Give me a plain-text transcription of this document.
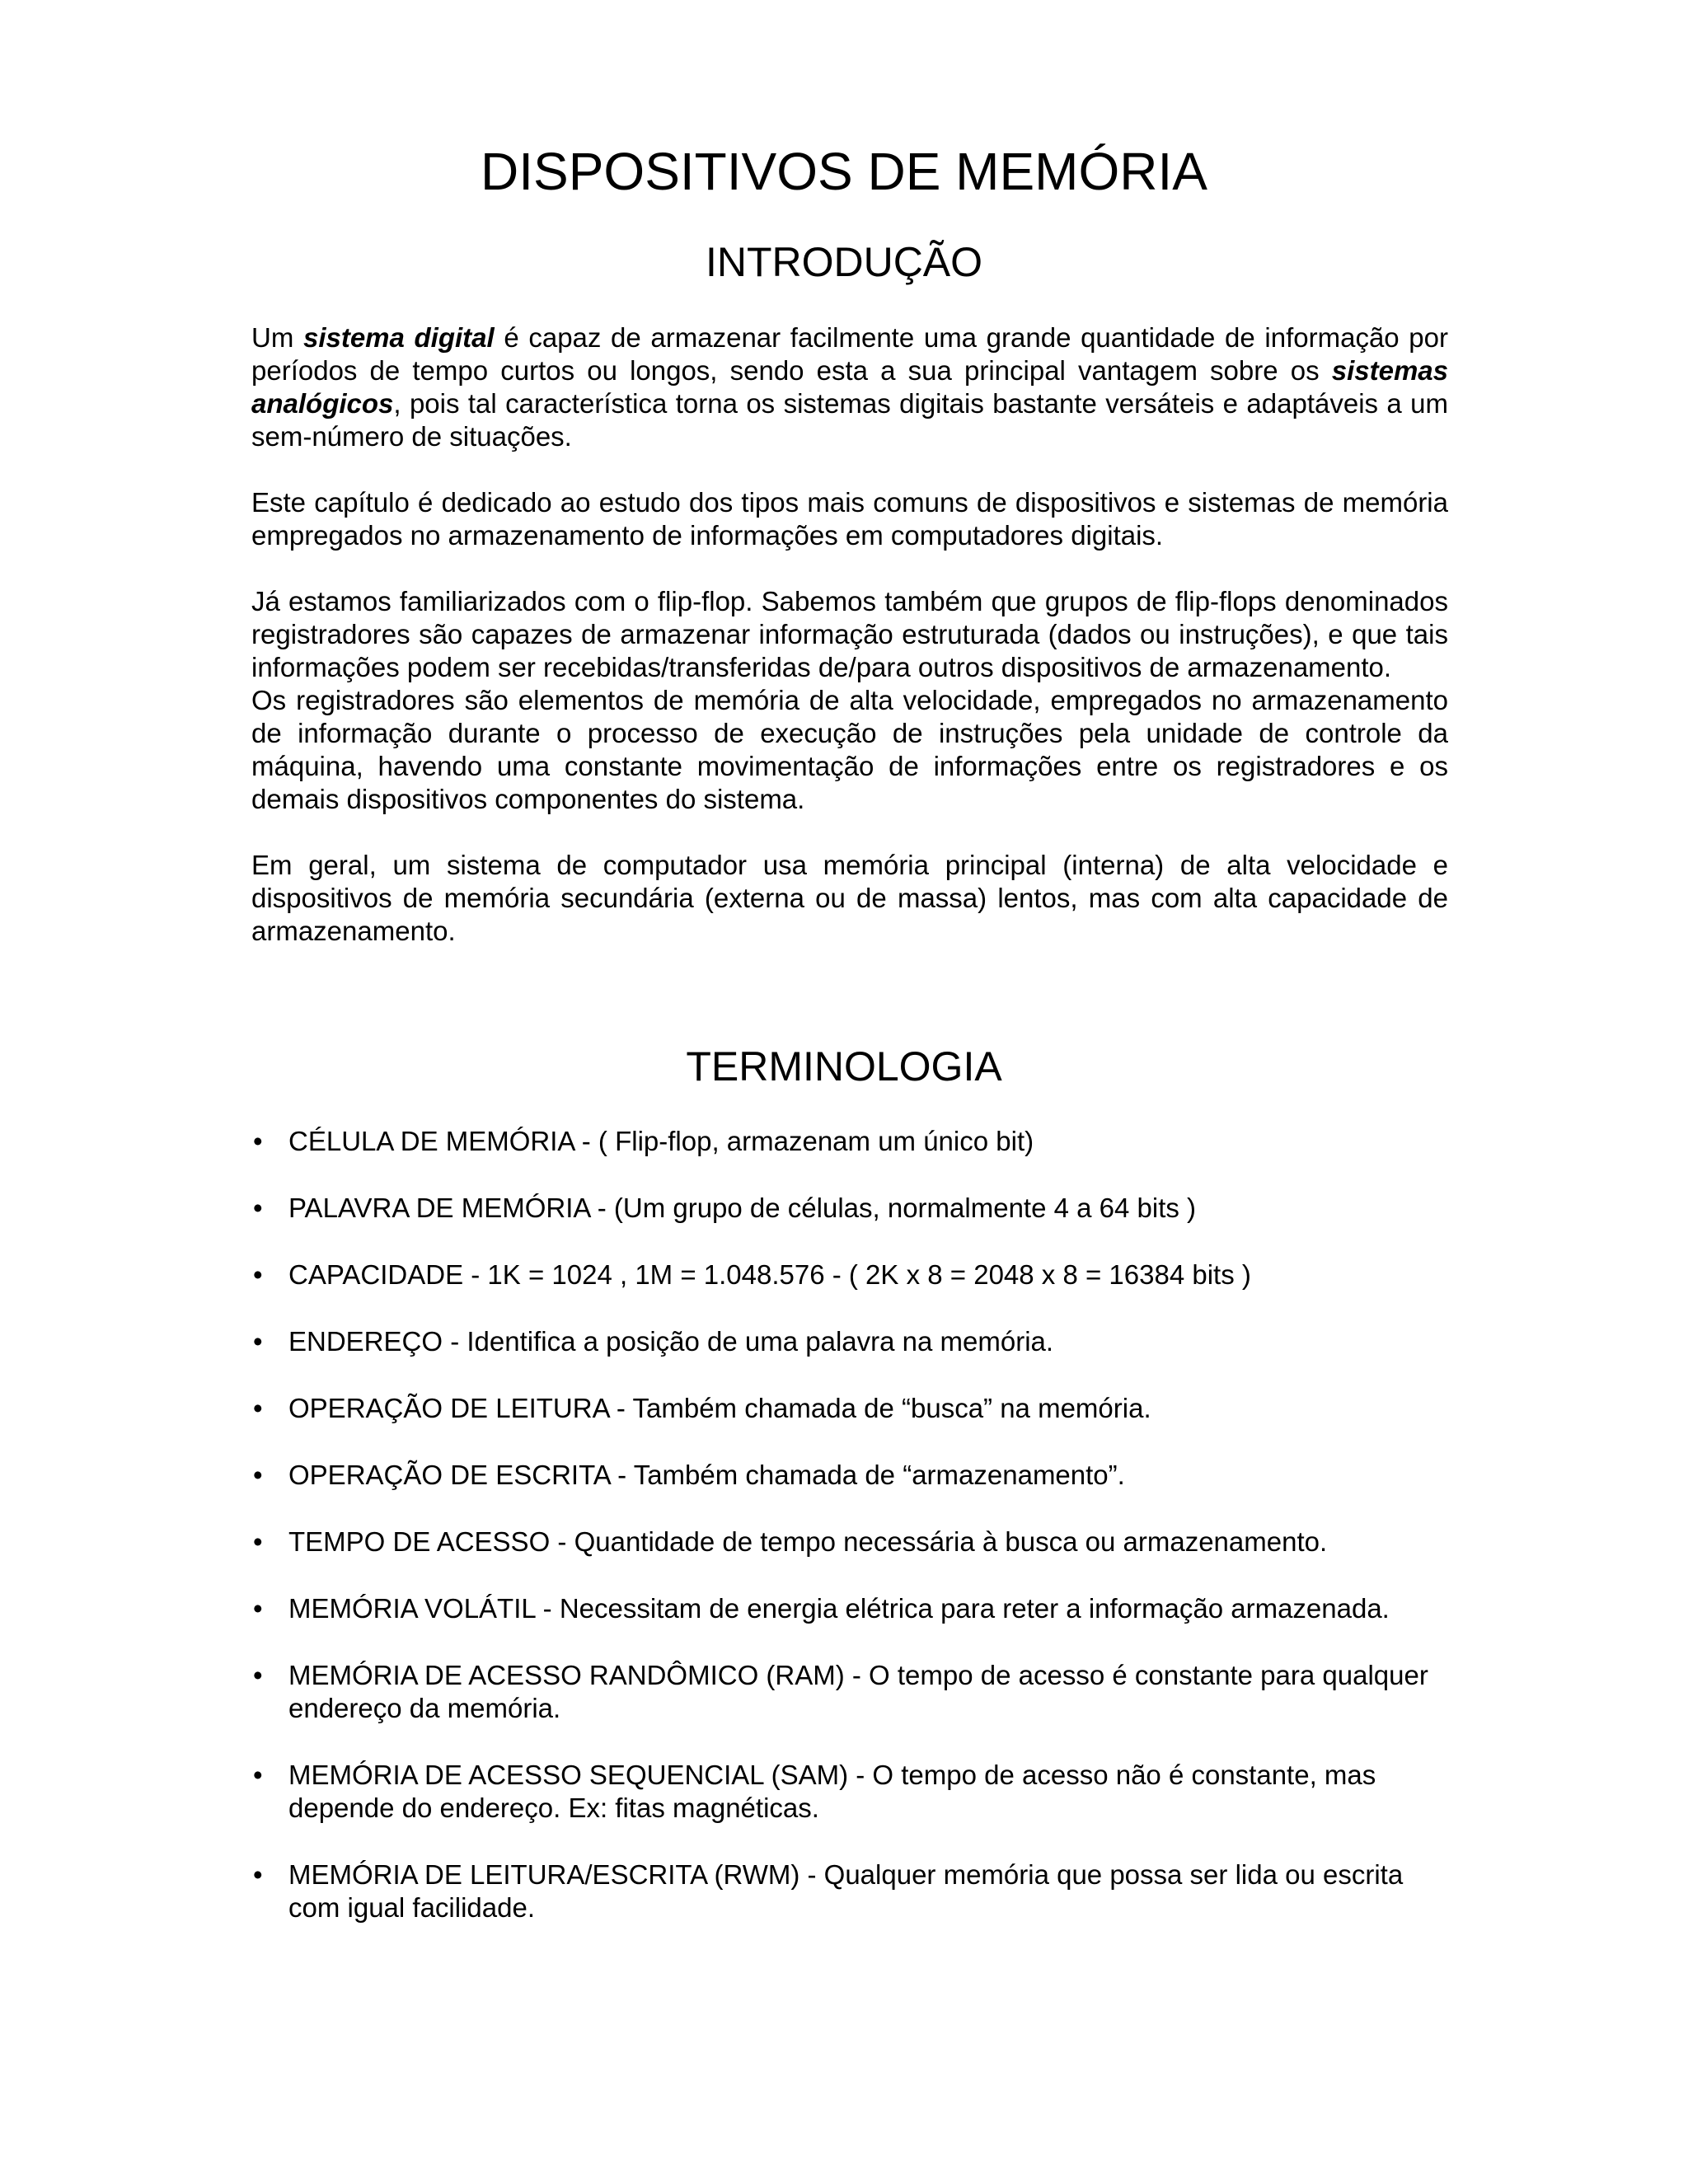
DISPOSITIVOS DE MEMÓRIA
INTRODUÇÃO

Um sistema digital é capaz de armazenar facilmente uma grande quantidade de informação por períodos de tempo curtos ou longos, sendo esta a sua principal vantagem sobre os sistemas analógicos, pois tal característica torna os sistemas digitais bastante versáteis e adaptáveis a um sem-número de situações.

Este capítulo é dedicado ao estudo dos tipos mais comuns de dispositivos e sistemas de memória empregados no armazenamento de informações em computadores digitais.

Já estamos familiarizados com o flip-flop. Sabemos também que grupos de flip-flops denominados registradores são capazes de armazenar informação estruturada (dados ou instruções), e que tais informações podem ser recebidas/transferidas de/para outros dispositivos de armazenamento.

Os registradores são elementos de memória de alta velocidade, empregados no armazenamento de informação durante o processo de execução de instruções pela unidade de controle da máquina, havendo uma constante movimentação de informações entre os registradores e os demais dispositivos componentes do sistema.

Em geral, um sistema de computador usa memória principal (interna) de alta velocidade e dispositivos de memória secundária (externa ou de massa) lentos, mas com alta capacidade de armazenamento.

TERMINOLOGIA
• CÉLULA DE MEMÓRIA - ( Flip-flop, armazenam um único bit)
• PALAVRA DE MEMÓRIA - (Um grupo de células, normalmente 4 a 64 bits )
• CAPACIDADE - 1K = 1024 , 1M = 1.048.576 - ( 2K x 8 = 2048 x 8 = 16384 bits )
• ENDEREÇO - Identifica a posição de uma palavra na memória.
• OPERAÇÃO DE LEITURA - Também chamada de “busca” na memória.
• OPERAÇÃO DE ESCRITA - Também chamada de “armazenamento”.
• TEMPO DE ACESSO - Quantidade de tempo necessária à busca ou armazenamento.
• MEMÓRIA VOLÁTIL - Necessitam de energia elétrica para reter a informação armazenada.
• MEMÓRIA DE ACESSO RANDÔMICO (RAM) - O tempo de acesso é constante para qualquer endereço da memória.
• MEMÓRIA DE ACESSO SEQUENCIAL (SAM) - O tempo de acesso não é constante, mas depende do endereço. Ex: fitas magnéticas.
• MEMÓRIA DE LEITURA/ESCRITA (RWM) - Qualquer memória que possa ser lida ou escrita com igual facilidade.
